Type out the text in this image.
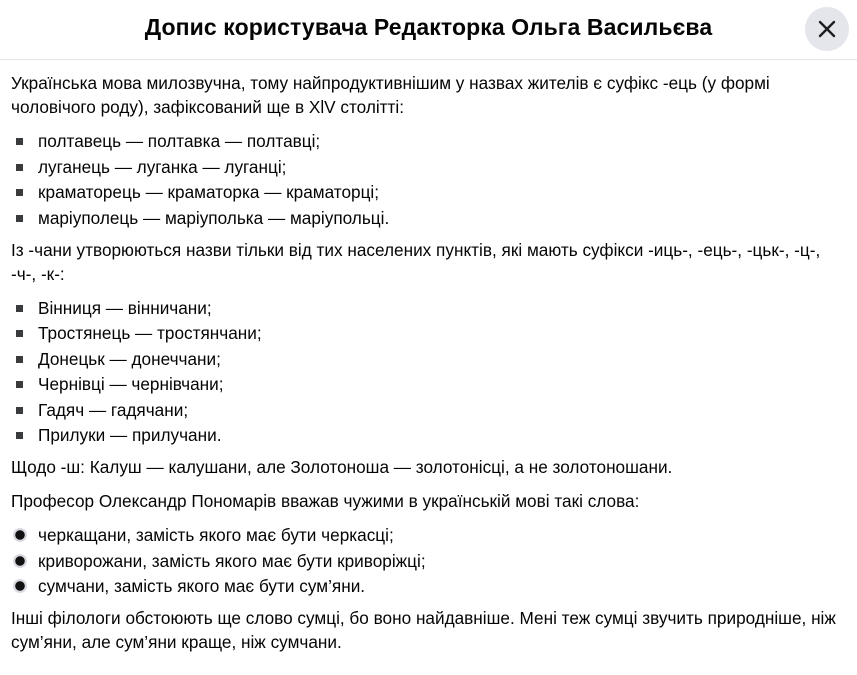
Допис користувача Редакторка Ольга Васильєва

Українська мова милозвучна, тому найпродуктивнішим у назвах жителів є суфікс -ець (у формі чоловічого роду), зафіксований ще в XlV столітті:

полтавець — полтавка — полтавці;
луганець — луганка — луганці;
краматорець — краматорка — краматорці;
маріуполець — маріуполька — маріупольці.

Із -чани утворюються назви тільки від тих населених пунктів, які мають суфікси -иць-, -ець-, -цьк-, -ц-, -ч-, -к-:

Вінниця — вінничани;
Тростянець — тростянчани;
Донецьк — донеччани;
Чернівці — чернівчани;
Гадяч — гадячани;
Прилуки — прилучани.

Щодо -ш: Калуш — калушани, але Золотоноша — золотонісці, а не золотоношани.

Професор Олександр Пономарів вважав чужими в українській мові такі слова:

черкащани, замість якого має бути черкасці;
криворожани, замість якого має бути криворіжці;
сумчани, замість якого має бути сум’яни.

Інші філологи обстоюють ще слово сумці, бо воно найдавніше. Мені теж сумці звучить природніше, ніж сум’яни, але сум’яни краще, ніж сумчани.
